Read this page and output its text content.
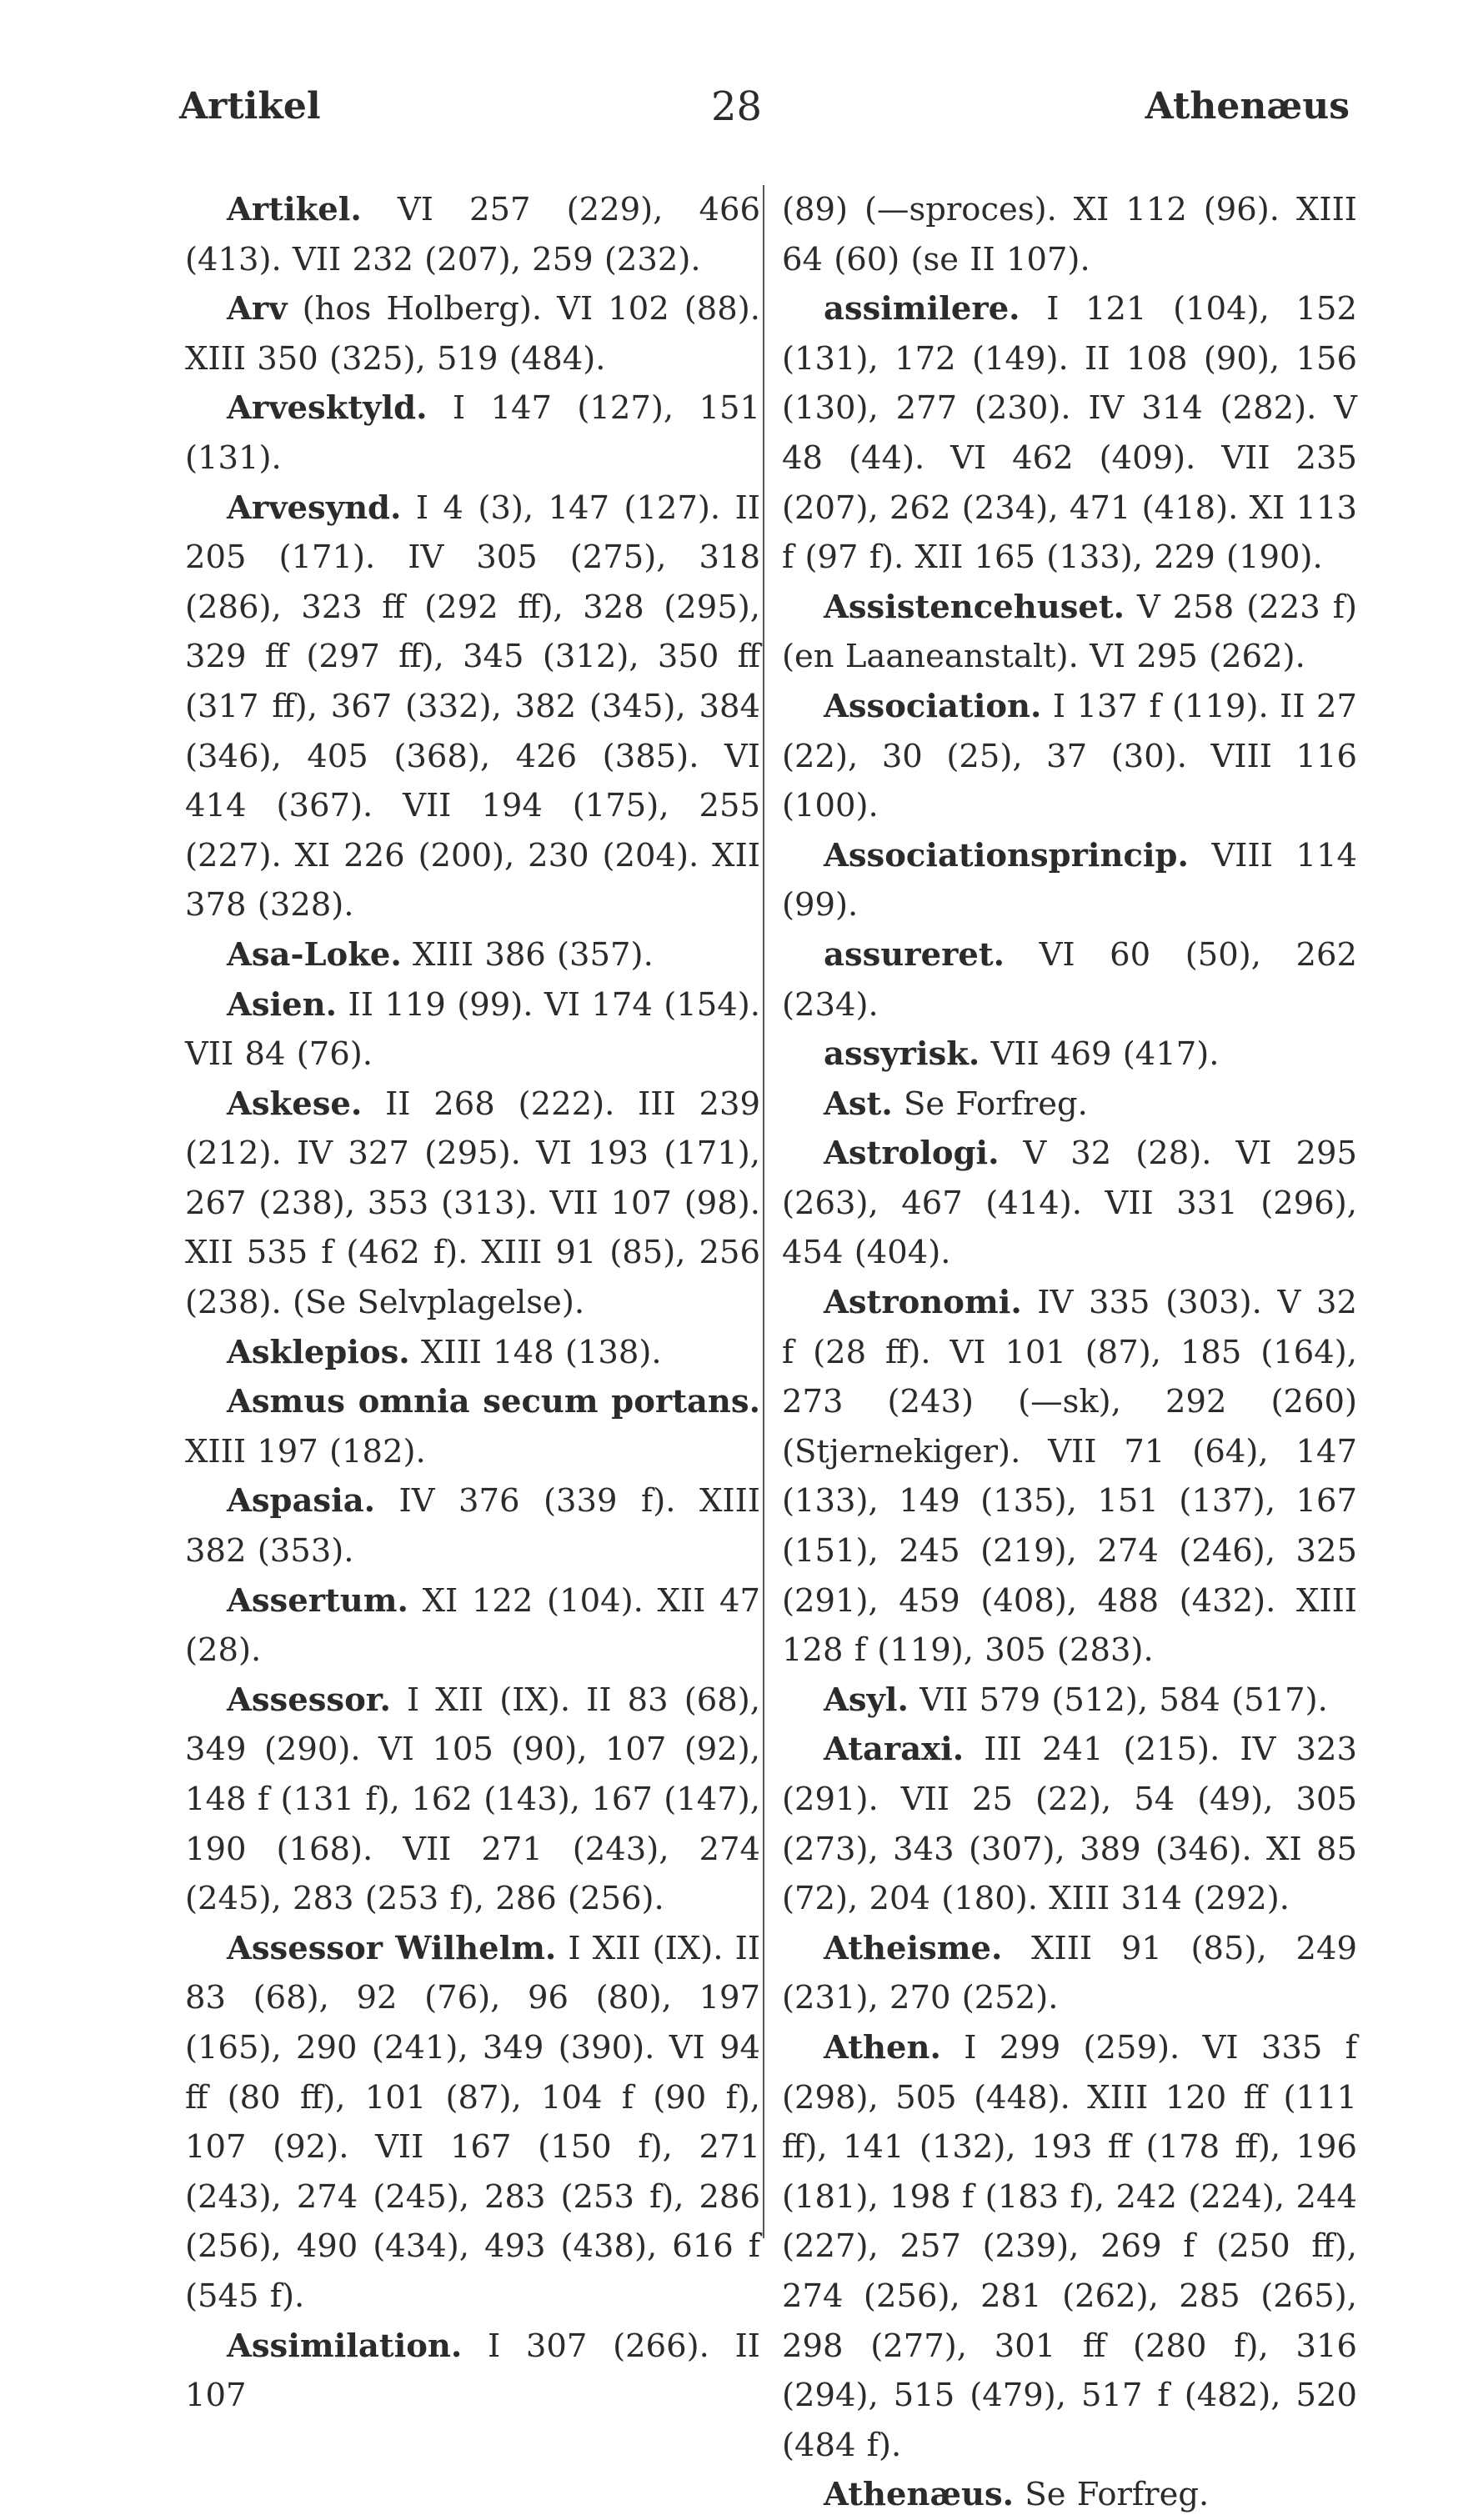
Artikel	28	Athenæus

Artikel. VI 257 (229), 466 (413). VII 232 (207), 259 (232).

Arv (hos Holberg). VI 102 (88). XIII 350 (325), 519 (484).

Arvesktyld. I 147 (127), 151 (131).

Arvesynd. I 4 (3), 147 (127). II 205 (171). IV 305 (275), 318 (286), 323 ff (292 ff), 328 (295), 329 ff (297 ff), 345 (312), 350 ff (317 ff), 367 (332), 382 (345), 384 (346), 405 (368), 426 (385). VI 414 (367). VII 194 (175), 255 (227). XI 226 (200), 230 (204). XII 378 (328).

Asa-Loke. XIII 386 (357).

Asien. II 119 (99). VI 174 (154). VII 84 (76).

Askese. II 268 (222). III 239 (212). IV 327 (295). VI 193 (171), 267 (238), 353 (313). VII 107 (98). XII 535 f (462 f). XIII 91 (85), 256 (238). (Se Selvplagelse).

Asklepios. XIII 148 (138).

Asmus omnia secum portans. XIII 197 (182).

Aspasia. IV 376 (339 f). XIII 382 (353).

Assertum. XI 122 (104). XII 47 (28).

Assessor. I XII (IX). II 83 (68), 349 (290). VI 105 (90), 107 (92), 148 f (131 f), 162 (143), 167 (147), 190 (168). VII 271 (243), 274 (245), 283 (253 f), 286 (256).

Assessor Wilhelm. I XII (IX). II 83 (68), 92 (76), 96 (80), 197 (165), 290 (241), 349 (390). VI 94 ff (80 ff), 101 (87), 104 f (90 f), 107 (92). VII 167 (150 f), 271 (243), 274 (245), 283 (253 f), 286 (256), 490 (434), 493 (438), 616 f (545 f).

Assimilation. I 307 (266). II 107

(89) (—sproces). XI 112 (96). XIII 64 (60) (se II 107).

assimilere. I 121 (104), 152 (131), 172 (149). II 108 (90), 156 (130), 277 (230). IV 314 (282). V 48 (44). VI 462 (409). VII 235 (207), 262 (234), 471 (418). XI 113 f (97 f). XII 165 (133), 229 (190).

Assistencehuset. V 258 (223 f) (en Laaneanstalt). VI 295 (262).

Association. I 137 f (119). II 27 (22), 30 (25), 37 (30). VIII 116 (100).

Associationsprincip. VIII 114 (99).

assureret. VI 60 (50), 262 (234).

assyrisk. VII 469 (417).

Ast. Se Forfreg.

Astrologi. V 32 (28). VI 295 (263), 467 (414). VII 331 (296), 454 (404).

Astronomi. IV 335 (303). V 32 f (28 ff). VI 101 (87), 185 (164), 273 (243) (—sk), 292 (260) (Stjernekiger). VII 71 (64), 147 (133), 149 (135), 151 (137), 167 (151), 245 (219), 274 (246), 325 (291), 459 (408), 488 (432). XIII 128 f (119), 305 (283).

Asyl. VII 579 (512), 584 (517).

Ataraxi. III 241 (215). IV 323 (291). VII 25 (22), 54 (49), 305 (273), 343 (307), 389 (346). XI 85 (72), 204 (180). XIII 314 (292).

Atheisme. XIII 91 (85), 249 (231), 270 (252).

Athen. I 299 (259). VI 335 f (298), 505 (448). XIII 120 ff (111 ff), 141 (132), 193 ff (178 ff), 196 (181), 198 f (183 f), 242 (224), 244 (227), 257 (239), 269 f (250 ff), 274 (256), 281 (262), 285 (265), 298 (277), 301 ff (280 f), 316 (294), 515 (479), 517 f (482), 520 (484 f).

Athenæus. Se Forfreg.
